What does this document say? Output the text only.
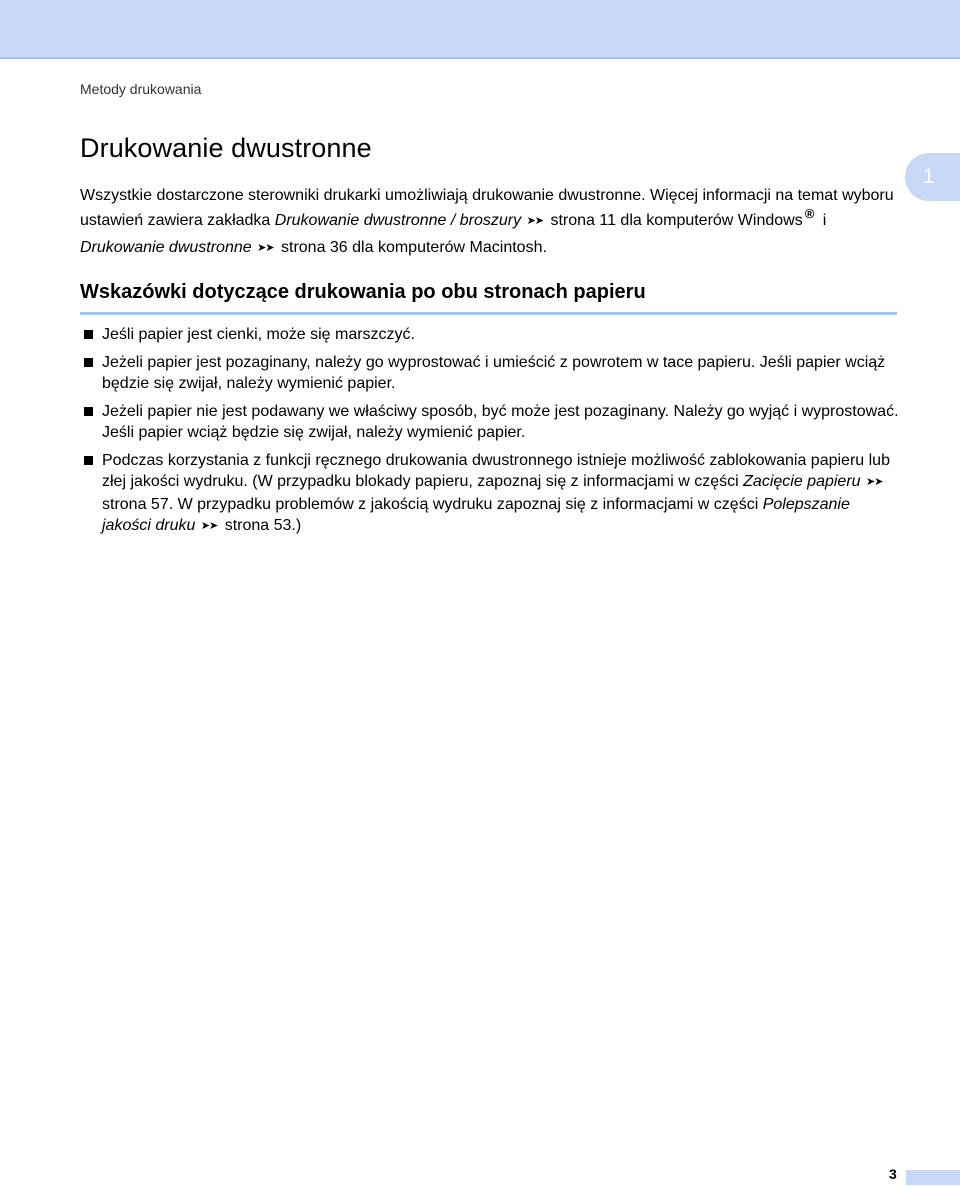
Metody drukowania
1
Drukowanie dwustronne

Wszystkie dostarczone sterowniki drukarki umożliwiają drukowanie dwustronne. Więcej informacji na temat wyboru ustawień zawiera zakładka Drukowanie dwustronne / broszury ➤➤ strona 11 dla komputerów Windows ® i Drukowanie dwustronne ➤➤ strona 36 dla komputerów Macintosh.

Wskazówki dotyczące drukowania po obu stronach papieru
Jeśli papier jest cienki, może się marszczyć.
Jeżeli papier jest pozaginany, należy go wyprostować i umieścić z powrotem w tace papieru. Jeśli papier wciąż będzie się zwijał, należy wymienić papier.
Jeżeli papier nie jest podawany we właściwy sposób, być może jest pozaginany. Należy go wyjąć i wyprostować. Jeśli papier wciąż będzie się zwijał, należy wymienić papier.
Podczas korzystania z funkcji ręcznego drukowania dwustronnego istnieje możliwość zablokowania papieru lub złej jakości wydruku. (W przypadku blokady papieru, zapoznaj się z informacjami w części Zacięcie papieru ➤➤ strona 57. W przypadku problemów z jakością wydruku zapoznaj się z informacjami w części Polepszanie jakości druku ➤➤ strona 53.)
3
